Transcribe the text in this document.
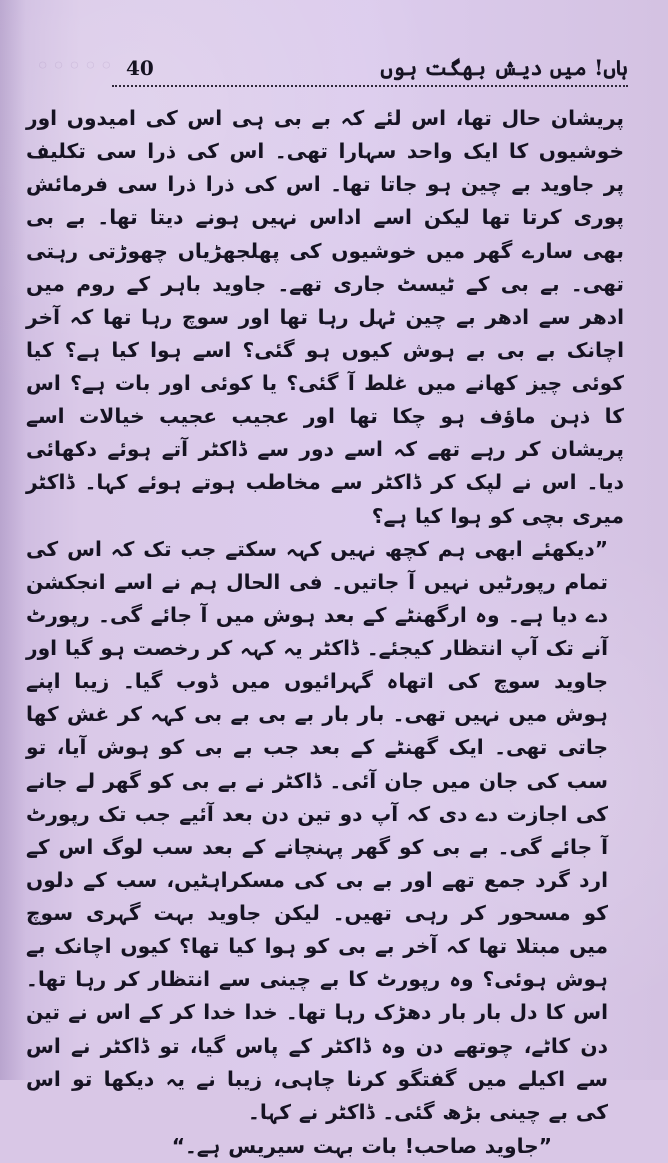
◦◦◦◦◦ 40	ہاں! میں دیش بھگت ہوں

پریشان حال تھا، اس لئے کہ بے بی ہی اس کی امیدوں اور خوشیوں کا ایک واحد سہارا تھی۔ اس کی ذرا سی تکلیف پر جاوید بے چین ہو جاتا تھا۔ اس کی ذرا ذرا سی فرمائش پوری کرتا تھا لیکن اسے اداس نہیں ہونے دیتا تھا۔ بے بی بھی سارے گھر میں خوشیوں کی پھلجھڑیاں چھوڑتی رہتی تھی۔ بے بی کے ٹیسٹ جاری تھے۔ جاوید باہر کے روم میں ادھر سے ادھر بے چین ٹہل رہا تھا اور سوچ رہا تھا کہ آخر اچانک بے بی بے ہوش کیوں ہو گئی؟ اسے ہوا کیا ہے؟ کیا کوئی چیز کھانے میں غلط آ گئی؟ یا کوئی اور بات ہے؟ اس کا ذہن ماؤف ہو چکا تھا اور عجیب عجیب خیالات اسے پریشان کر رہے تھے کہ اسے دور سے ڈاکٹر آتے ہوئے دکھائی دیا۔ اس نے لپک کر ڈاکٹر سے مخاطب ہوتے ہوئے کہا۔ ڈاکٹر میری بچی کو ہوا کیا ہے؟

”دیکھئے ابھی ہم کچھ نہیں کہہ سکتے جب تک کہ اس کی تمام رپورٹیں نہیں آ جاتیں۔ فی الحال ہم نے اسے انجکشن دے دیا ہے۔ وہ ارگھنٹے کے بعد ہوش میں آ جائے گی۔ رپورٹ آنے تک آپ انتظار کیجئے۔ ڈاکٹر یہ کہہ کر رخصت ہو گیا اور جاوید سوچ کی اتھاہ گہرائیوں میں ڈوب گیا۔ زیبا اپنے ہوش میں نہیں تھی۔ بار بار بے بی بے بی کہہ کر غش کھا جاتی تھی۔ ایک گھنٹے کے بعد جب بے بی کو ہوش آیا، تو سب کی جان میں جان آئی۔ ڈاکٹر نے بے بی کو گھر لے جانے کی اجازت دے دی کہ آپ دو تین دن بعد آئیے جب تک رپورٹ آ جائے گی۔ بے بی کو گھر پہنچانے کے بعد سب لوگ اس کے ارد گرد جمع تھے اور بے بی کی مسکراہٹیں، سب کے دلوں کو مسحور کر رہی تھیں۔ لیکن جاوید بہت گہری سوچ میں مبتلا تھا کہ آخر بے بی کو ہوا کیا تھا؟ کیوں اچانک بے ہوش ہوئی؟ وہ رپورٹ کا بے چینی سے انتظار کر رہا تھا۔ اس کا دل بار بار دھڑک رہا تھا۔ خدا خدا کر کے اس نے تین دن کاٹے، چوتھے دن وہ ڈاکٹر کے پاس گیا، تو ڈاکٹر نے اس سے اکیلے میں گفتگو کرنا چاہی، زیبا نے یہ دیکھا تو اس کی بے چینی بڑھ گئی۔ ڈاکٹر نے کہا۔

”جاوید صاحب! بات بہت سیریس ہے۔“
